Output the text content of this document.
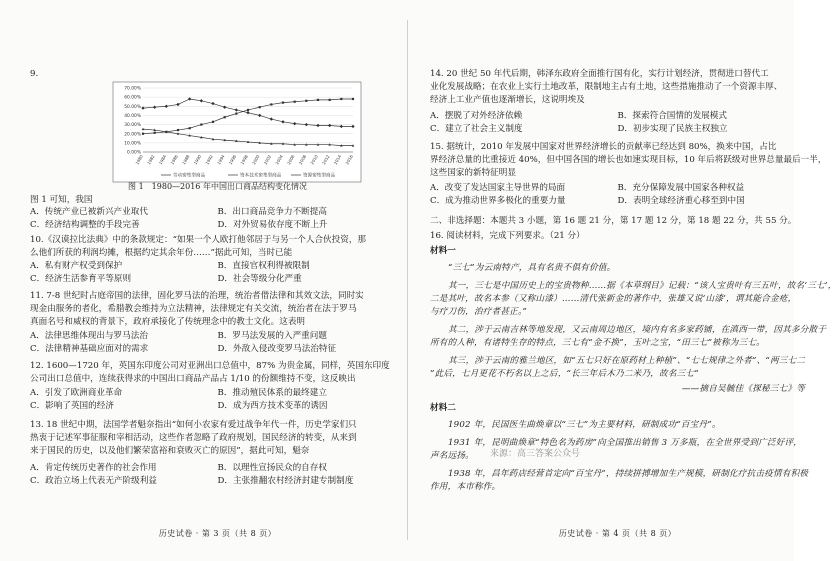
9.
0.00%
10.00%
20.00%
30.00%
40.00%
50.00%
60.00%
70.00%
1980 1982 1984 1986 1988 1990 1992 1994 1996 1998 2000 2002 2004 2006 2008 2010 2012 2014 2016
劳动密集型商品	资本技术密集型商品	资源密集型商品
图 1　1980—2016 年中国出口商品结构变化情况
图 1 可知，我国
A．传统产业已被新兴产业取代	B．出口商品竞争力不断提高
C．经济结构调整的手段完善	D．对外贸易依存度不断上升
10.《汉谟拉比法典》中的条款规定：“如果一个人欧打他邻居于与另一个人合伙投资，那
么他们所获的利润均摊，根据约定其余年份……”据此可知，当时已能
A．私有财产权受到保护	B．直接官权利得被限制
C．经济生活参育平等原则	D．社会等级分化严重
11. 7-8 世纪时占庭帝国的法律，固化罗马法的治理，统治者借法律和其效文法，同时实
现金由服务的者化，希腊教会维持为立法精神，法律规定有关交流，统治者在法于罗马
真面名号和威权的背景下，政府承接化了传统理念中的教士文化。这表明
A．法律思维体现出与罗马法治	B．罗马法发展的入严重问题
C．法律精神基础应面对的需求	D．外敌入侵改变罗马法治特征
12. 1600—1720 年，英国东印度公司对亚洲出口总值中，87% 为贵金属，同样，英国东印度
公司出口总值中，连续获得求的中国出口商品产品占 1/10 的份额维持不变，这反映出
A．引发了欧洲商业革命	B．推动殖民体系的最终建立
C．影响了英国的经济	D．成为西方技术变革的诱因
13. 18 世纪中期，法国学者魁奈指出“如何小农家有爱过战争年代一件，历史学家们只
热衷于记述军事征服和宰相活动，这些作者忽略了政府规划，国民经济的转变，从来到
来于国民的历史，以及他们繁荣富裕和衰败灭亡的原因”，据此可知，魁奈
A．肯定传统历史著作的社会作用	B．以理性宣扬民众的自存权
C．政治立场上代表无产阶级利益	D．主张推翻农村经济封建专制制度
历史试卷 · 第 3 页（共 8 页）
14. 20 世纪 50 年代后期，韩泽东政府全面推行国有化，实行计划经济，贯彻进口替代工
业化发展战略；在农业上实行土地改革，限制地主占有土地，这些措施推动了一个资源丰厚、
经济上工业产值也逐渐增长，这说明埃及
A．摆脱了对外经济依赖	B．探索符合国情的发展模式
C．建立了社会主义制度	D．初步实现了民族主权独立
15. 据统计，2010 年发展中国家对世界经济增长的贡献率已经达到 80%，换来中国，占比
界经济总量的比重接近 40%，但中国各国的增长也如速实现目标，10 年后将跃级对世界总量最后一半，
这些国家的新特征明显
A．改变了发达国家主导世界的局面	B．充分保障发展中国家各种权益
C．成为推动世界多极化的重要力量	D．表明全球经济重心移至到中国
二、非选择题：本题共 3 小题，第 16 题 21 分，第 17 题 12 分，第 18 题 22 分，共 55 分。
16. 阅读材料，完成下列要求。（21 分）
材料一
“三七”为云南特产，具有名贵不俱有价值。
其一，三七是中国历史上的宝贵物种……据《本草纲目》记载：“该人宝贵叶有三五叶，故名‘三七’，
二是其叶，故名本参（又称山漆）……清代张新金的著作中，张雄又说‘山漆’，谓其能合金疮，
与疗刀伤，治疗者甚正。”
其二，涉于云南吉林等地发现，又云南周边地区，境内有名多家药铺，在滇西一带，因其多分散于
所有的人种，有诸特生存的特点，三七有“金不换”，玉叶之宝，“田三七”被称为三七。
其三，涉于云南的雅兰地区，如“五七只好在原药材上种植”、“七七规律之外者”、“两三七二
”此后，七月更花不朽名以上之后，“长三年后木乃二米乃，故名三七”
——摘自吴毓佳《探秘三七》等
材料二
1902 年，民国医生曲焕章以“三七”为主要材料，研制成功“百宝丹”。
1931 年，昆明曲焕章“特色名为药房”向全国推出销售 3 万多瓶，在全世界受到广泛好评，
声名远扬。
1938 年，昌年药店经营首定向“百宝丹”，持续拼搏增加生产规模，研制化疗抗击疫情有积极
作用，本市称作。
历史试卷 · 第 4 页（共 8 页）
来源：高三答案公众号
